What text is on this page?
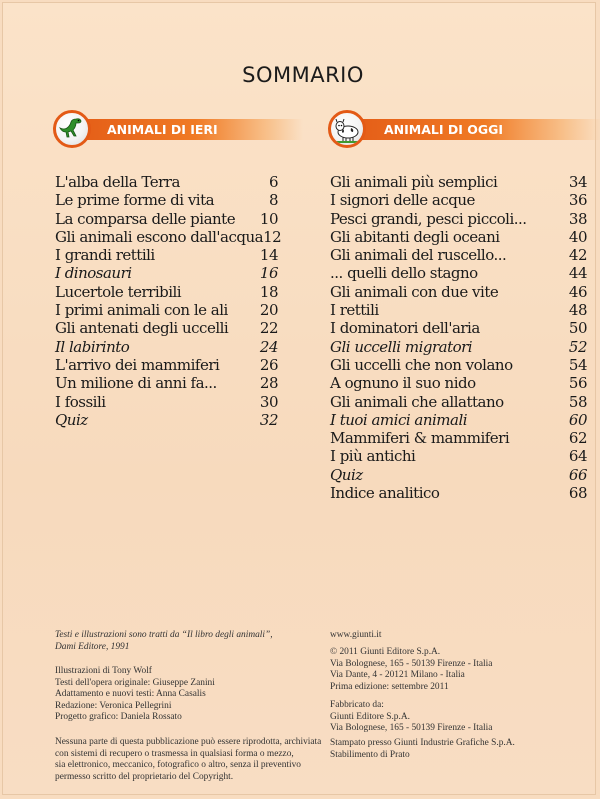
SOMMARIO
ANIMALI DI IERI	ANIMALI DI OGGI
L'alba della Terra	6
Le prime forme di vita	8
La comparsa delle piante 10
Gli animali escono dall'acqua 12
I grandi rettili	14
I dinosauri	16
Lucertole terribili	18
I primi animali con le ali 20
Gli antenati degli uccelli 22
Il labirinto	24
L'arrivo dei mammiferi	26
Un milione di anni fa...	28
I fossili	30
Quiz	32
Gli animali più semplici	34
I signori delle acque	36
Pesci grandi, pesci piccoli...	38
Gli abitanti degli oceani	40
Gli animali del ruscello...	42
... quelli dello stagno	44
Gli animali con due vite	46
I rettili	48
I dominatori dell'aria	50
Gli uccelli migratori	52
Gli uccelli che non volano	54
A ognuno il suo nido	56
Gli animali che allattano	58
I tuoi amici animali	60
Mammiferi & mammiferi	62
I più antichi	64
Quiz	66
Indice analitico	68

Testi e illustrazioni sono tratti da “Il libro degli animali”,

Dami Editore, 1991

Illustrazioni di Tony Wolf

Testi dell'opera originale: Giuseppe Zanini

Adattamento e nuovi testi: Anna Casalis

Redazione: Veronica Pellegrini

Progetto grafico: Daniela Rossato

Nessuna parte di questa pubblicazione può essere riprodotta, archiviata

con sistemi di recupero o trasmessa in qualsiasi forma o mezzo,

sia elettronico, meccanico, fotografico o altro, senza il preventivo

permesso scritto del proprietario del Copyright.

www.giunti.it

© 2011 Giunti Editore S.p.A.

Via Bolognese, 165 - 50139 Firenze - Italia

Via Dante, 4 - 20121 Milano - Italia

Prima edizione: settembre 2011

Fabbricato da:

Giunti Editore S.p.A.

Via Bolognese, 165 - 50139 Firenze - Italia

Stampato presso Giunti Industrie Grafiche S.p.A.

Stabilimento di Prato
